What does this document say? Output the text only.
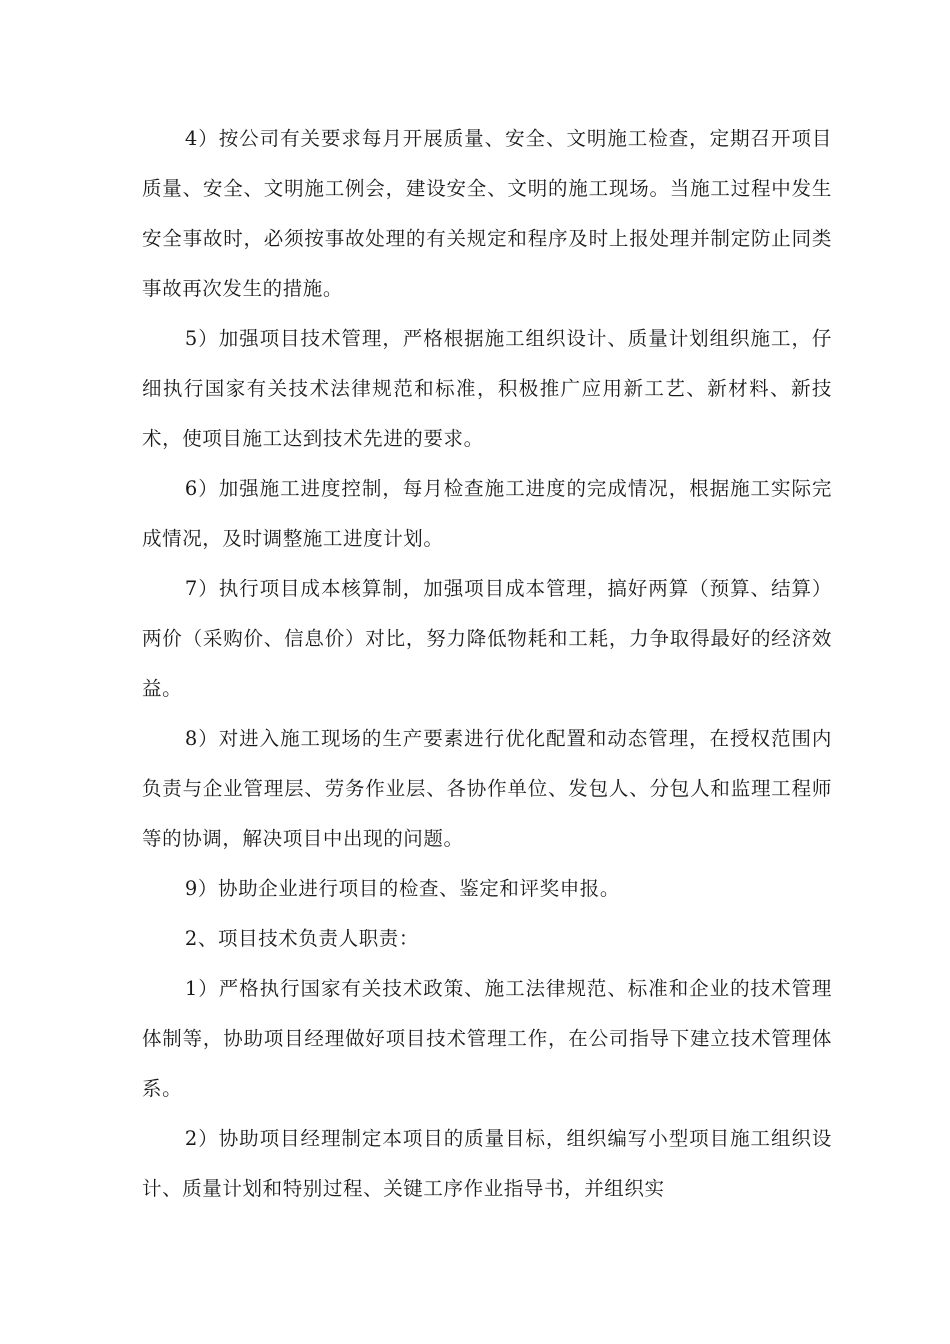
4）按公司有关要求每月开展质量、安全、文明施工检查，定期召开项目质量、安全、文明施工例会，建设安全、文明的施工现场。当施工过程中发生安全事故时，必须按事故处理的有关规定和程序及时上报处理并制定防止同类事故再次发生的措施。

5）加强项目技术管理，严格根据施工组织设计、质量计划组织施工，仔细执行国家有关技术法律规范和标准，积极推广应用新工艺、新材料、新技术，使项目施工达到技术先进的要求。

6）加强施工进度控制，每月检查施工进度的完成情况，根据施工实际完成情况，及时调整施工进度计划。

7）执行项目成本核算制，加强项目成本管理，搞好两算（预算、结算）两价（采购价、信息价）对比，努力降低物耗和工耗，力争取得最好的经济效益。

8）对进入施工现场的生产要素进行优化配置和动态管理，在授权范围内负责与企业管理层、劳务作业层、各协作单位、发包人、分包人和监理工程师等的协调，解决项目中出现的问题。

9）协助企业进行项目的检查、鉴定和评奖申报。

2、项目技术负责人职责：

1）严格执行国家有关技术政策、施工法律规范、标准和企业的技术管理体制等，协助项目经理做好项目技术管理工作，在公司指导下建立技术管理体系。

2）协助项目经理制定本项目的质量目标，组织编写小型项目施工组织设计、质量计划和特别过程、关键工序作业指导书，并组织实
